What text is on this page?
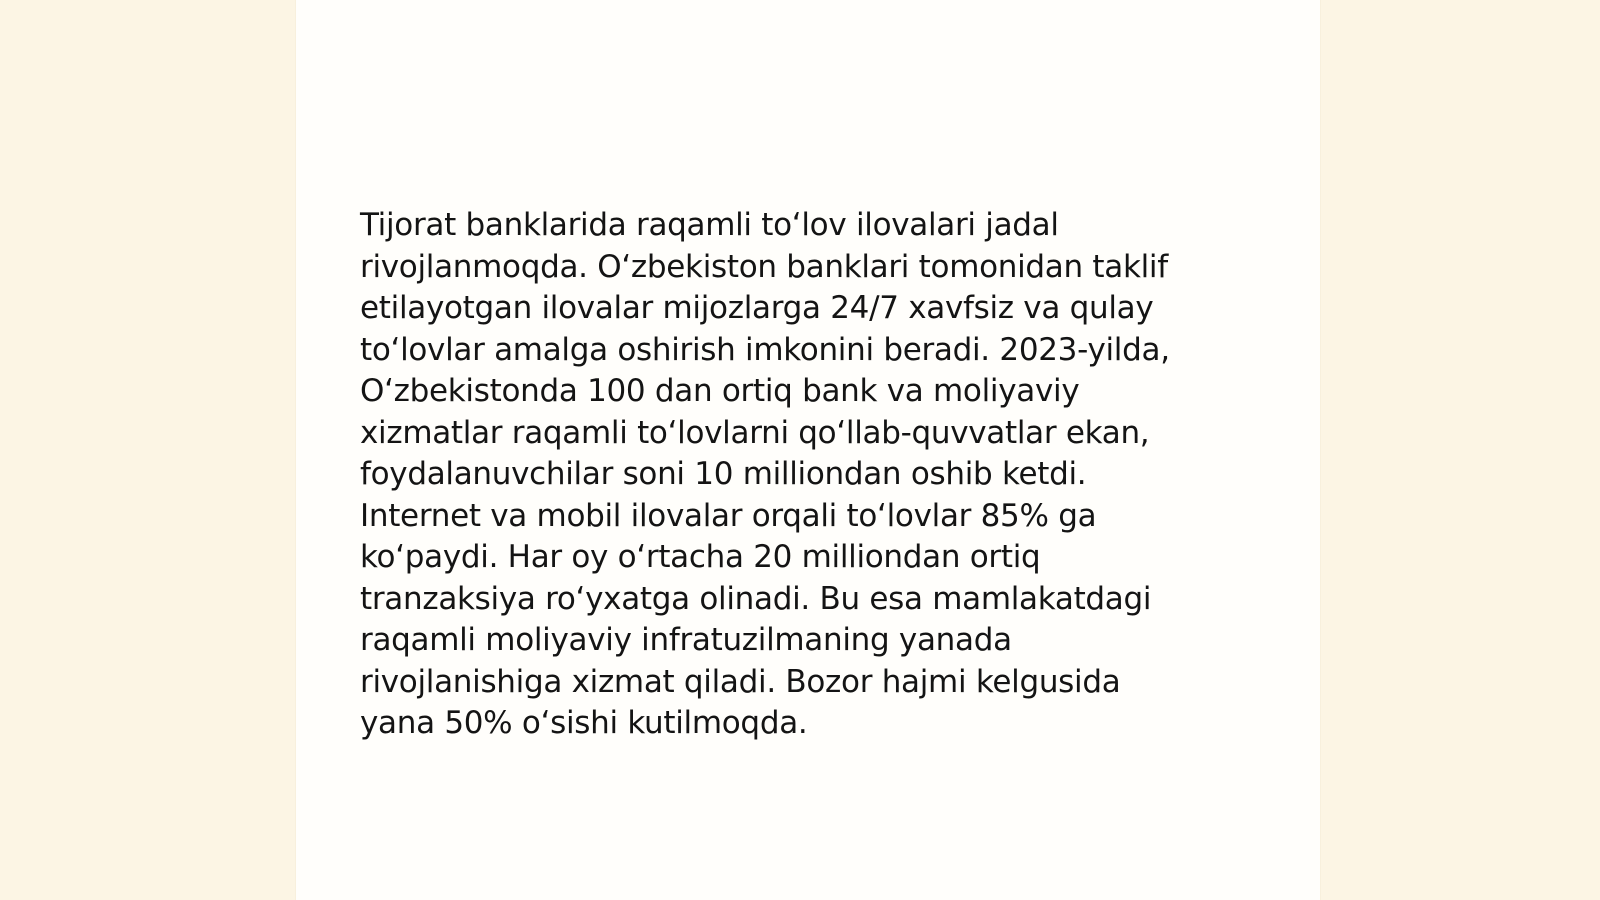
Tijorat banklarida raqamli to‘lov ilovalari jadal
rivojlanmoqda. O‘zbekiston banklari tomonidan taklif
etilayotgan ilovalar mijozlarga 24/7 xavfsiz va qulay
to‘lovlar amalga oshirish imkonini beradi. 2023-yilda,
O‘zbekistonda 100 dan ortiq bank va moliyaviy
xizmatlar raqamli to‘lovlarni qo‘llab-quvvatlar ekan,
foydalanuvchilar soni 10 milliondan oshib ketdi.
Internet va mobil ilovalar orqali to‘lovlar 85% ga
ko‘paydi. Har oy o‘rtacha 20 milliondan ortiq
tranzaksiya ro‘yxatga olinadi. Bu esa mamlakatdagi
raqamli moliyaviy infratuzilmaning yanada
rivojlanishiga xizmat qiladi. Bozor hajmi kelgusida
yana 50% o‘sishi kutilmoqda.
